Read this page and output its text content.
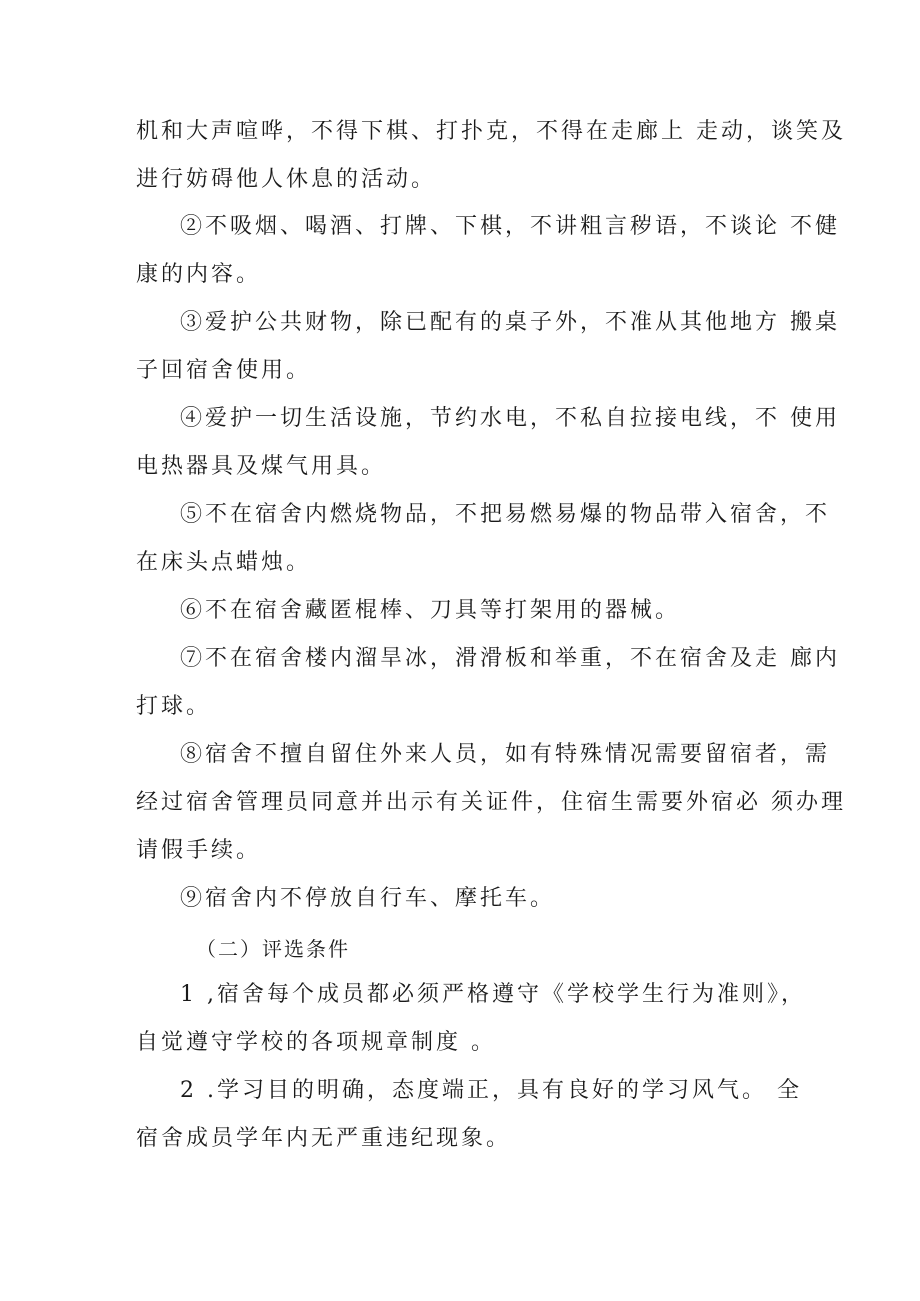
机和大声喧哗，不得下棋、打扑克，不得在走廊上 走动，谈笑及
进行妨碍他人休息的活动。
②不吸烟、喝酒、打牌、下棋，不讲粗言秽语，不谈论 不健
康的内容。
③爱护公共财物，除已配有的桌子外，不准从其他地方 搬桌
子回宿舍使用。
④爱护一切生活设施，节约水电，不私自拉接电线，不 使用
电热器具及煤气用具。
⑤不在宿舍内燃烧物品，不把易燃易爆的物品带入宿舍，不
在床头点蜡烛。
⑥不在宿舍藏匿棍棒、刀具等打架用的器械。
⑦不在宿舍楼内溜旱冰，滑滑板和举重，不在宿舍及走 廊内
打球。
⑧宿舍不擅自留住外来人员，如有特殊情况需要留宿者，需
经过宿舍管理员同意并出示有关证件，住宿生需要外宿必 须办理
请假手续。
⑨宿舍内不停放自行车、摩托车。
（二）评选条件
1 ,宿舍每个成员都必须严格遵守《学校学生行为准则》，
自觉遵守学校的各项规章制度 。
2 .学习目的明确，态度端正，具有良好的学习风气。 全
宿舍成员学年内无严重违纪现象。
